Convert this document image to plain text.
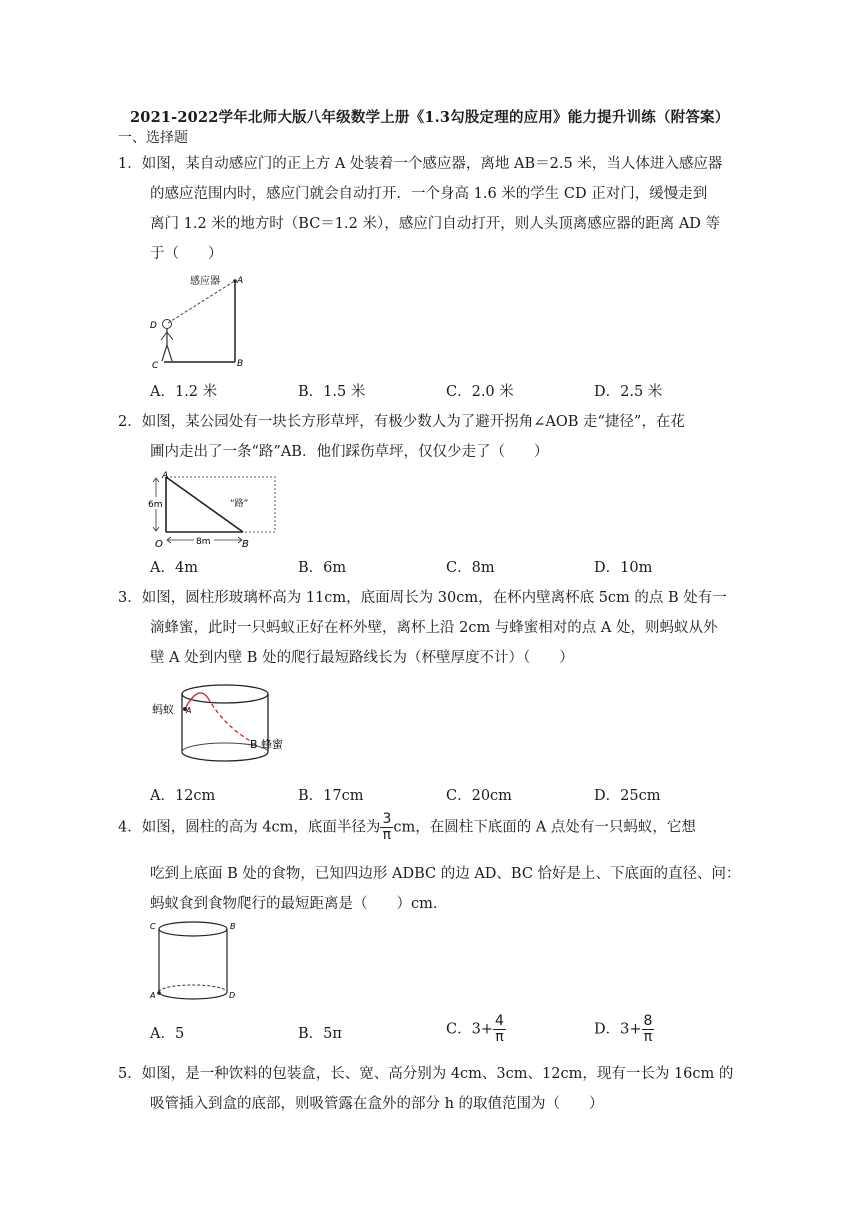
2021-2022学年北师大版八年级数学上册《1.3勾股定理的应用》能力提升训练（附答案）
一、选择题
1．如图，某自动感应门的正上方 A 处装着一个感应器，离地 AB＝2.5 米，当人体进入感应器
的感应范围内时，感应门就会自动打开．一个身高 1.6 米的学生 CD 正对门，缓慢走到
离门 1.2 米的地方时（BC＝1.2 米），感应门自动打开，则人头顶离感应器的距离 AD 等
于（　　）
感应器 A
B
C
D
A．1.2 米	B．1.5 米	C．2.0 米	D．2.5 米
2．如图，某公园处有一块长方形草坪，有极少数人为了避开拐角∠AOB 走“捷径”，在花
圃内走出了一条“路”AB．他们踩伤草坪，仅仅少走了（　　）
6m
8m
A
O	B
“路”
A．4m	B．6m	C．8m	D．10m
3．如图，圆柱形玻璃杯高为 11cm，底面周长为 30cm，在杯内壁离杯底 5cm 的点 B 处有一
滴蜂蜜，此时一只蚂蚁正好在杯外壁，离杯上沿 2cm 与蜂蜜相对的点 A 处，则蚂蚁从外
壁 A 处到内壁 B 处的爬行最短路线长为（杯壁厚度不计）（　　）
蚂蚁 A
B 蜂蜜
A．12cm	B．17cm	C．20cm	D．25cm
4．如图，圆柱的高为 4cm，底面半径为 $\frac{3}{\pi}$ cm，在圆柱下底面的 A 点处有一只蚂蚁，它想
吃到上底面 B 处的食物，已知四边形 ADBC 的边 AD、BC 恰好是上、下底面的直径、问：
蚂蚁食到食物爬行的最短距离是（　　）cm．
C	B
A	D
A．5	B．5π	C．$3+ \frac{4}{\pi}$	D．$3+ \frac{8}{\pi}$
5．如图，是一种饮料的包装盒，长、宽、高分别为 4cm、3cm、12cm，现有一长为 16cm 的
吸管插入到盒的底部，则吸管露在盒外的部分 h 的取值范围为（　　）
